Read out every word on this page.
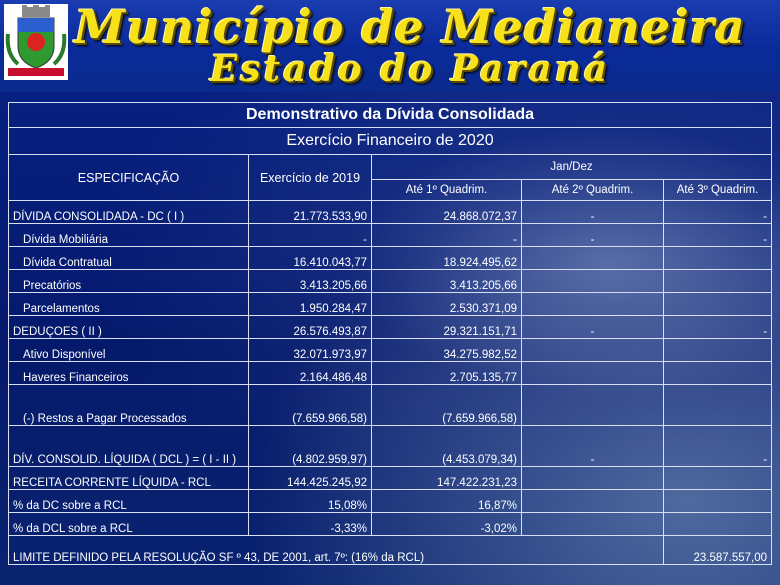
Município de Medianeira
Estado do Paraná
Demonstrativo da Dívida Consolidada				
Exercício Financeiro de 2020				
ESPECIFICAÇÃO	Exercício de 2019	Jan/Dez		
		Até 1º Quadrim.	Até 2º Quadrim.	Até 3º Quadrim.
DÍVIDA CONSOLIDADA - DC ( I )	21.773.533,90	24.868.072,37	-	-
Dívida Mobiliária	-	-	-	-
Dívida Contratual	16.410.043,77	18.924.495,62		
Precatórios	3.413.205,66	3.413.205,66		
Parcelamentos	1.950.284,47	2.530.371,09		
DEDUÇOES ( II )	26.576.493,87	29.321.151,71	-	-
Ativo Disponível	32.071.973,97	34.275.982,52		
Haveres Financeiros	2.164.486,48	2.705.135,77		
(-) Restos a Pagar Processados	(7.659.966,58)	(7.659.966,58)		
DÍV. CONSOLID. LÍQUIDA ( DCL ) = ( I - II )	(4.802.959,97)	(4.453.079,34)	-	-
RECEITA CORRENTE LÍQUIDA - RCL	144.425.245,92	147.422.231,23		
% da DC sobre a RCL	15,08%	16,87%		
% da DCL sobre a RCL	-3,33%	-3,02%		
LIMITE DEFINIDO PELA RESOLUÇÃO SF º 43, DE 2001, art. 7º: (16% da RCL)				23.587.557,00
